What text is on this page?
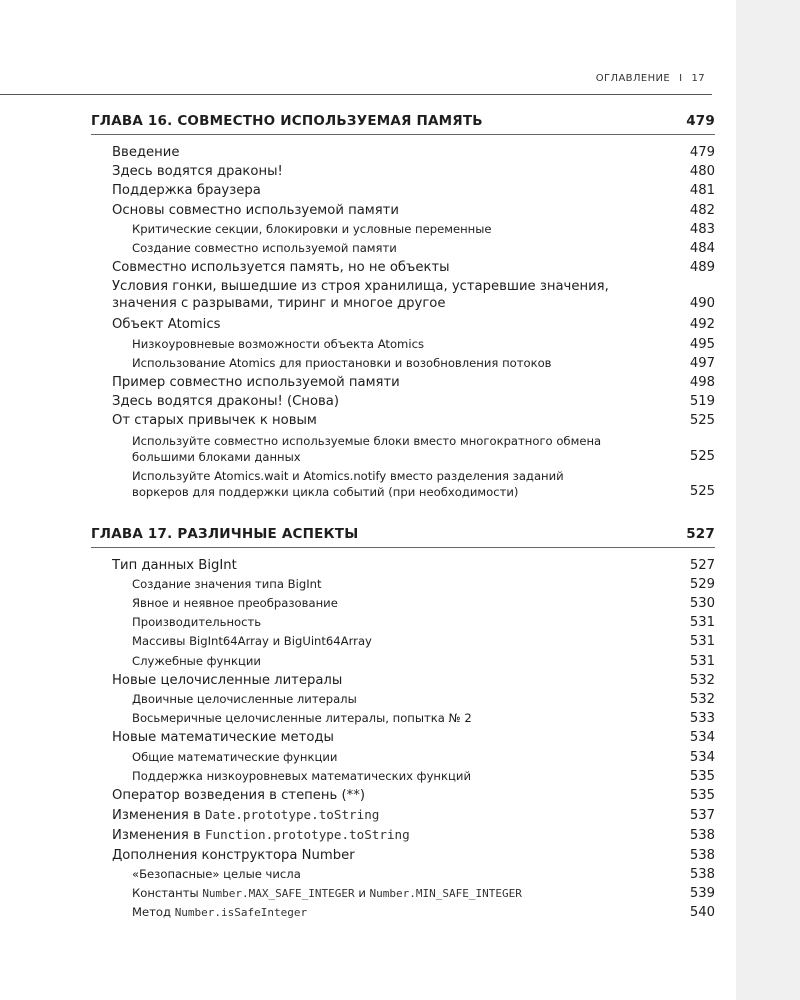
ОГЛАВЛЕНИЕ I 17
ГЛАВА 16. СОВМЕСТНО ИСПОЛЬЗУЕМАЯ ПАМЯТЬ	479
Введение	479
Здесь водятся драконы!	480
Поддержка браузера	481
Основы совместно используемой памяти	482
Критические секции, блокировки и условные переменные	483
Создание совместно используемой памяти	484
Совместно используется память, но не объекты	489
Условия гонки, вышедшие из строя хранилища, устаревшие значения,
значения с разрывами, тиринг и многое другое	490
Объект Atomics	492
Низкоуровневые возможности объекта Atomics	495
Использование Atomics для приостановки и возобновления потоков	497
Пример совместно используемой памяти	498
Здесь водятся драконы! (Снова)	519
От старых привычек к новым	525
Используйте совместно используемые блоки вместо многократного обмена
большими блоками данных	525
Используйте Atomics.wait и Atomics.notify вместо разделения заданий
воркеров для поддержки цикла событий (при необходимости)	525
ГЛАВА 17. РАЗЛИЧНЫЕ АСПЕКТЫ	527
Тип данных BigInt	527
Создание значения типа BigInt	529
Явное и неявное преобразование	530
Производительность	531
Массивы BigInt64Array и BigUint64Array	531
Служебные функции	531
Новые целочисленные литералы	532
Двоичные целочисленные литералы	532
Восьмеричные целочисленные литералы, попытка № 2	533
Новые математические методы	534
Общие математические функции	534
Поддержка низкоуровневых математических функций	535
Оператор возведения в степень (**)	535
Изменения в Date.prototype.toString	537
Изменения в Function.prototype.toString	538
Дополнения конструктора Number	538
«Безопасные» целые числа	538
Константы Number.MAX_SAFE_INTEGER и Number.MIN_SAFE_INTEGER	539
Метод Number.isSafeInteger	540
